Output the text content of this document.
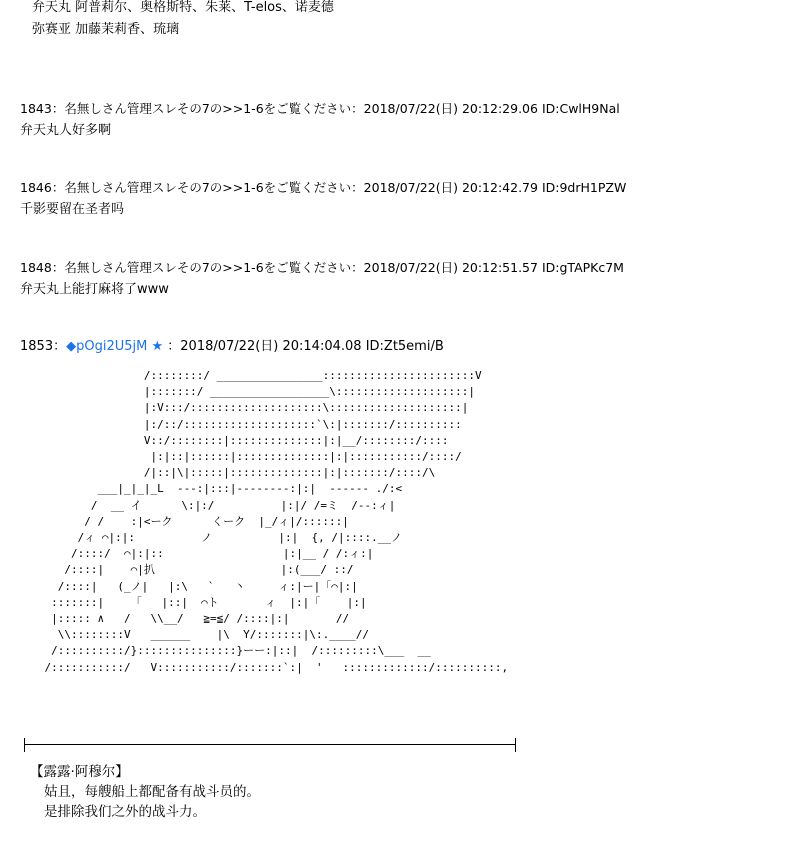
弁天丸 阿普莉尔、奥格斯特、朱莱、T-elos、诺麦德
弥赛亚 加藤茉莉香、琉璃
1843：名無しさん管理スレその7の>>1-6をご覧ください：2018/07/22(日) 20:12:29.06 ID:CwlH9Nal
弁天丸人好多啊
1846：名無しさん管理スレその7の>>1-6をご覧ください：2018/07/22(日) 20:12:42.79 ID:9drH1PZW
千影要留在圣者吗
1848：名無しさん管理スレその7の>>1-6をご覧ください：2018/07/22(日) 20:12:51.57 ID:gTAPKc7M
弁天丸上能打麻将了www
1853：◆pOgi2U5jM ★ ：2018/07/22(日) 20:14:04.08 ID:Zt5emi/B
/::::::::/ ________________:::::::::::::::::::::::V
|:::::::/ __________________\::::::::::::::::::::|
|:V:::/::::::::::::::::::::\::::::::::::::::::::|
|:/::/::::::::::::::::::::`\:|:::::::/::::::::::
V::/::::::::|::::::::::::::|:|__/::::::::/::::
|:|::|::::::|::::::::::::::|:|:::::::::::/::::/
/|::|\|:::::|::::::::::::::|:|:::::::/::::/\
___|_|_|_L  ---:|:::|--------:|:|  ------ ./:<
/  __ イ      \:|:/          |:|/ /=ミ  /--:ィ|
/ /    :|<ーク      くーク  |_/ィ|/::::::|
/ィ ⌒|:|:          ノ          |:|  {, /|::::.__ノ
/::::/  ⌒|:|::                  |:|__ / /:ィ:|
/::::|    ⌒|扒                   |:(___/ ::/
/::::|   (_ノ|   |:\   `   丶     ィ:|ー|「⌒|:|
:::::::|    「   |::|  ⌒ト       ィ  |:|「    |:|
|::::: ∧   /   \\__/   ≧=≦/ /::::|:|       //
\\::::::::V   ______    |\  Y/:::::::|\:.____//
/::::::::::/}:::::::::::::::}ーー:|::|  /:::::::::\___  __
/:::::::::::/   V:::::::::::/:::::::`:|  '   :::::::::::::/::::::::::,
【露露·阿穆尔】
姑且，每艘船上都配备有战斗员的。
是排除我们之外的战斗力。
